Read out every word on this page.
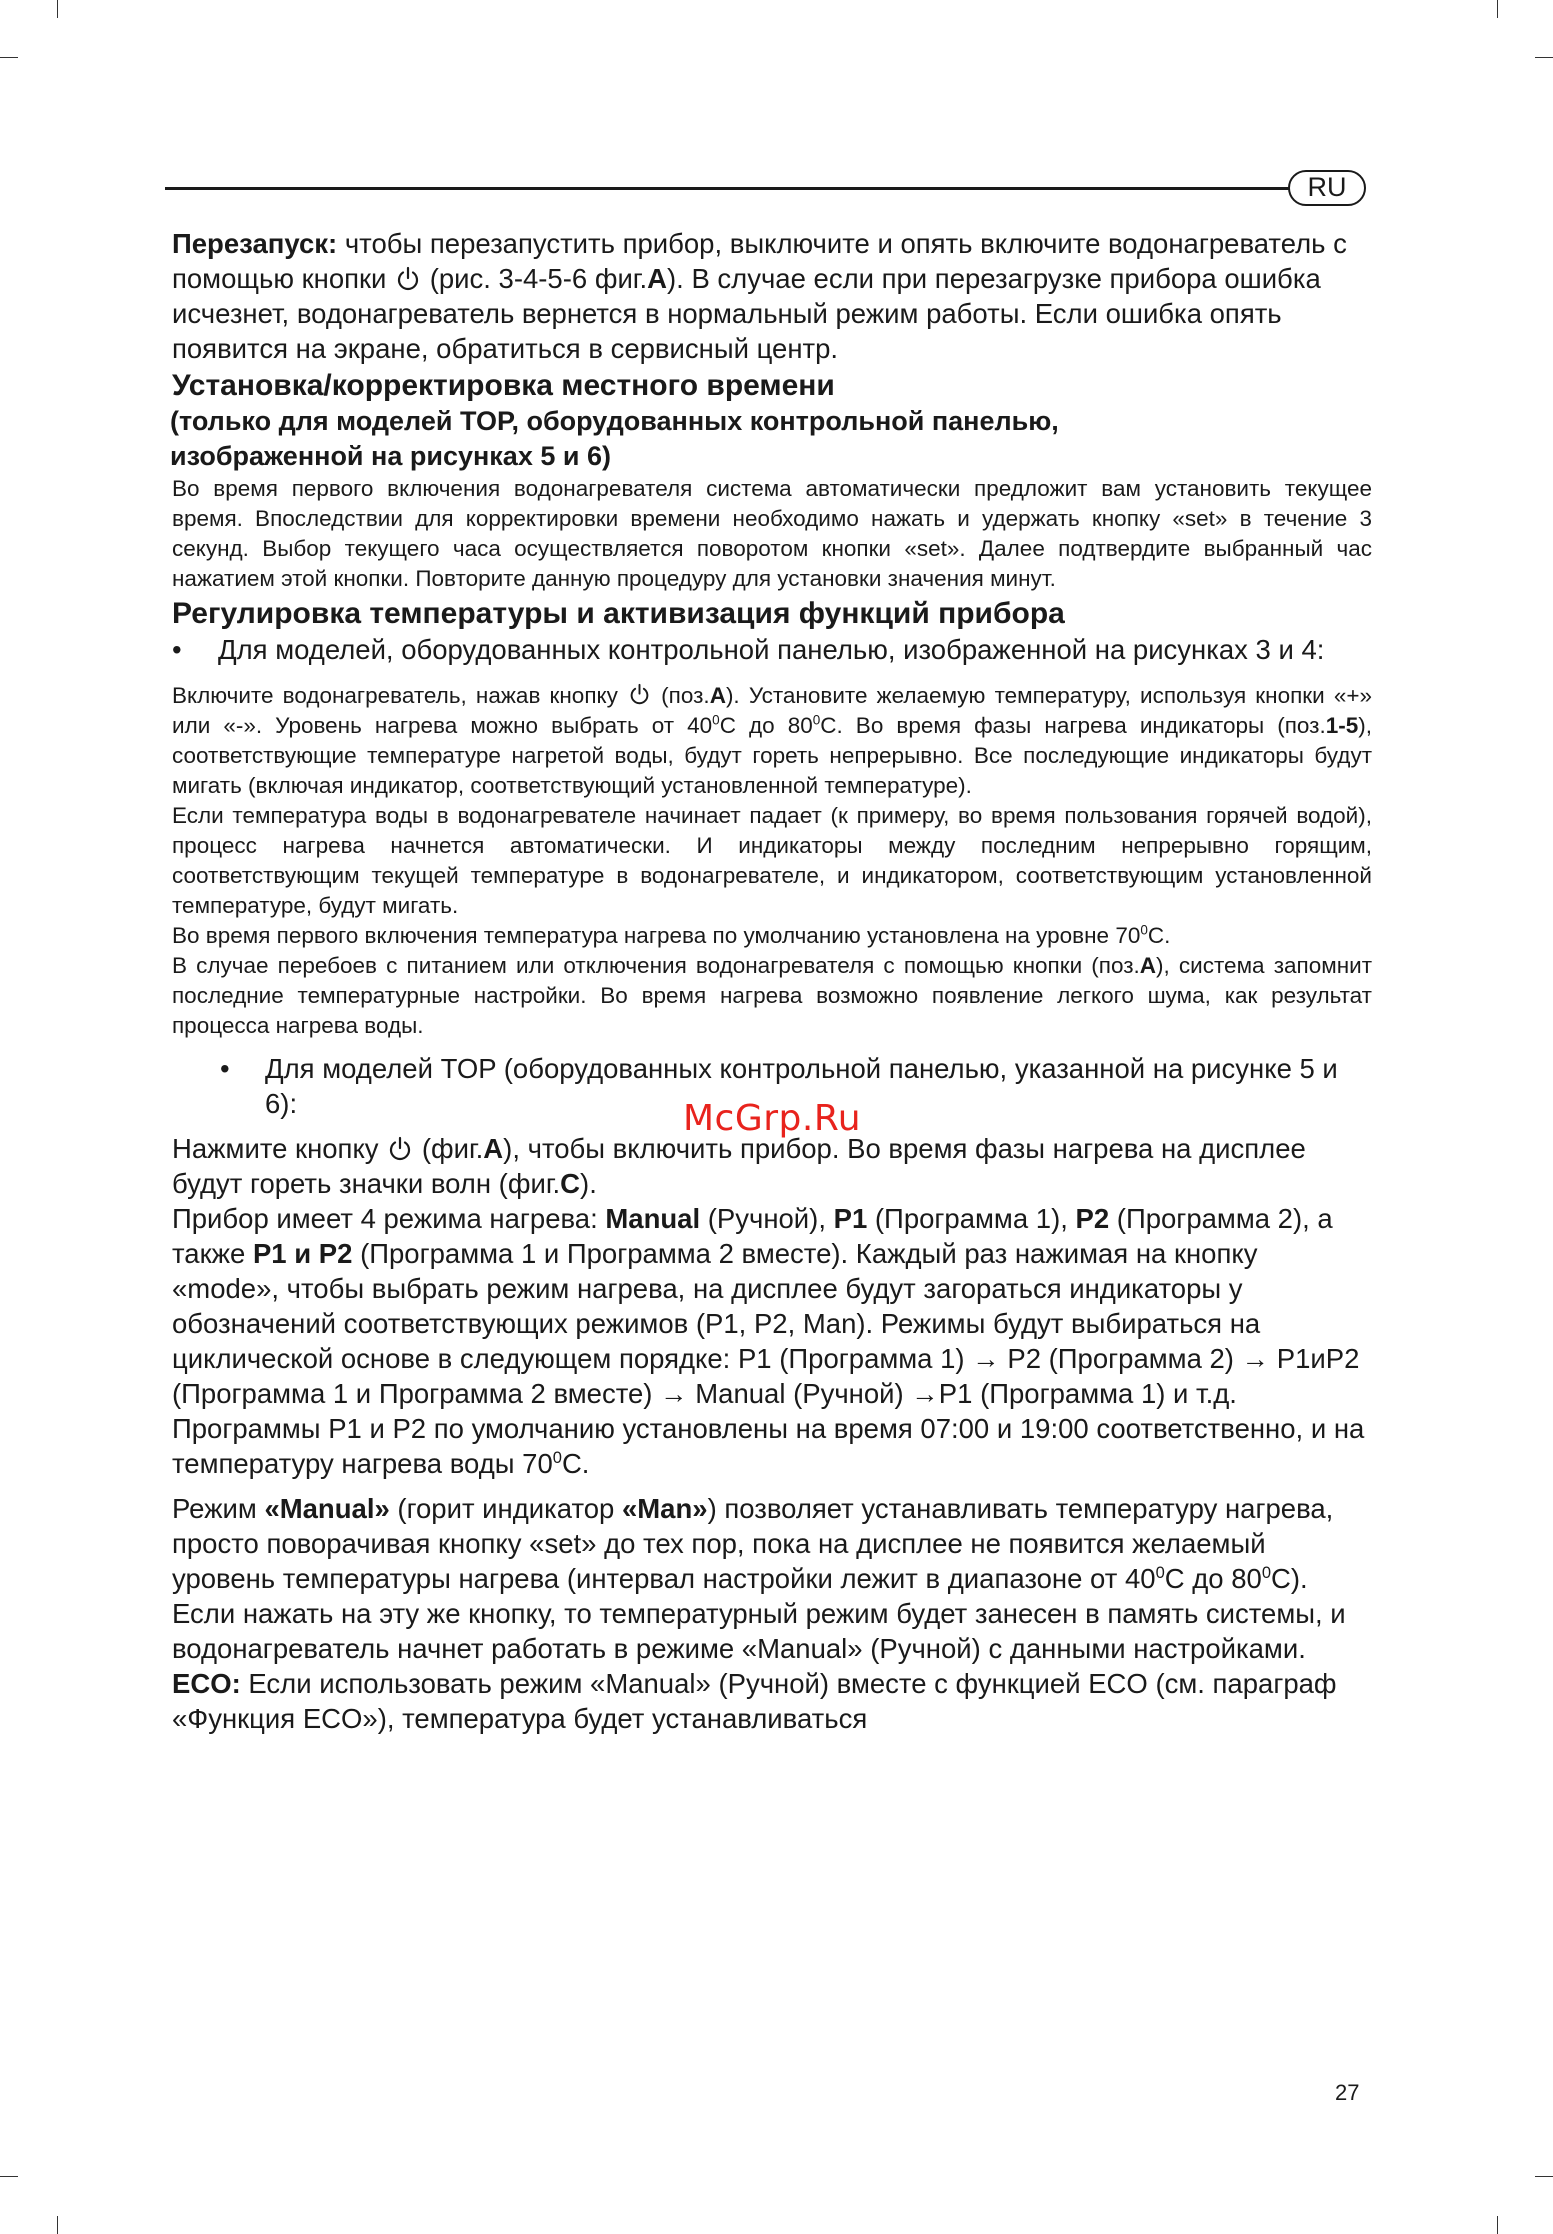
RU

Перезапуск: чтобы перезапустить прибор, выключите и опять включите водонагреватель с помощью кнопки (рис. 3-4-5-6 фиг.A). В случае если при перезагрузке прибора ошибка исчезнет, водонагреватель вернется в нормальный режим работы. Если ошибка опять появится на экране, обратиться в сервисный центр.

Установка/корректировка местного времени

(только для моделей TOP, оборудованных контрольной панелью,
изображенной на рисунках 5 и 6)

Во время первого включения водонагревателя система автоматически предложит вам установить текущее время. Впоследствии для корректировки времени необходимо нажать и удержать кнопку «set» в течение 3 секунд. Выбор текущего часа осуществляется поворотом кнопки «set». Далее подтвердите выбранный час нажатием этой кнопки. Повторите данную процедуру для установки значения минут.

Регулировка температуры и активизация функций прибора

• Для моделей, оборудованных контрольной панелью, изображенной на рисунках 3 и 4:

Включите водонагреватель, нажав кнопку (поз.A). Установите желаемую температуру, используя кнопки «+» или «-». Уровень нагрева можно выбрать от $40^0C$ до $80^0C$. Во время фазы нагрева индикаторы (поз.1-5), соответствующие температуре нагретой воды, будут гореть непрерывно. Все последующие индикаторы будут мигать (включая индикатор, соответствующий установленной температуре).

Если температура воды в водонагревателе начинает падает (к примеру, во время пользования горячей водой), процесс нагрева начнется автоматически. И индикаторы между последним непрерывно горящим, соответствующим текущей температуре в водонагревателе, и индикатором, соответствующим установленной температуре, будут мигать.

Во время первого включения температура нагрева по умолчанию установлена на уровне $70^0C$.

В случае перебоев с питанием или отключения водонагревателя с помощью кнопки (поз.A), система запомнит последние температурные настройки. Во время нагрева возможно появление легкого шума, как результат процесса нагрева воды.

• Для моделей TOP (оборудованных контрольной панелью, указанной на рисунке 5 и 6):

Нажмите кнопку (фиг.A), чтобы включить прибор. Во время фазы нагрева на дисплее будут гореть значки волн (фиг.C).

Прибор имеет 4 режима нагрева: Manual (Ручной), P1 (Программа 1), P2 (Программа 2), а также P1 и P2 (Программа 1 и Программа 2 вместе). Каждый раз нажимая на кнопку «mode», чтобы выбрать режим нагрева, на дисплее будут загораться индикаторы у обозначений соответствующих режимов (P1, P2, Man). Режимы будут выбираться на циклической основе в следующем порядке: P1 (Программа 1) → P2 (Программа 2) → P1иP2 (Программа 1 и Программа 2 вместе) → Manual (Ручной) →P1 (Программа 1) и т.д. Программы P1 и P2 по умолчанию установлены на время 07:00 и 19:00 соответственно, и на температуру нагрева воды $70^0C$.

Режим «Manual» (горит индикатор «Man») позволяет устанавливать температуру нагрева, просто поворачивая кнопку «set» до тех пор, пока на дисплее не появится желаемый уровень температуры нагрева (интервал настройки лежит в диапазоне от $40^0C$ до $80^0C$). Если нажать на эту же кнопку, то температурный режим будет занесен в память системы, и водонагреватель начнет работать в режиме «Manual» (Ручной) с данными настройками.

ECO: Если использовать режим «Manual» (Ручной) вместе с функцией ECO (см. параграф «Функция ECO»), температура будет устанавливаться

McGrp.Ru
27
